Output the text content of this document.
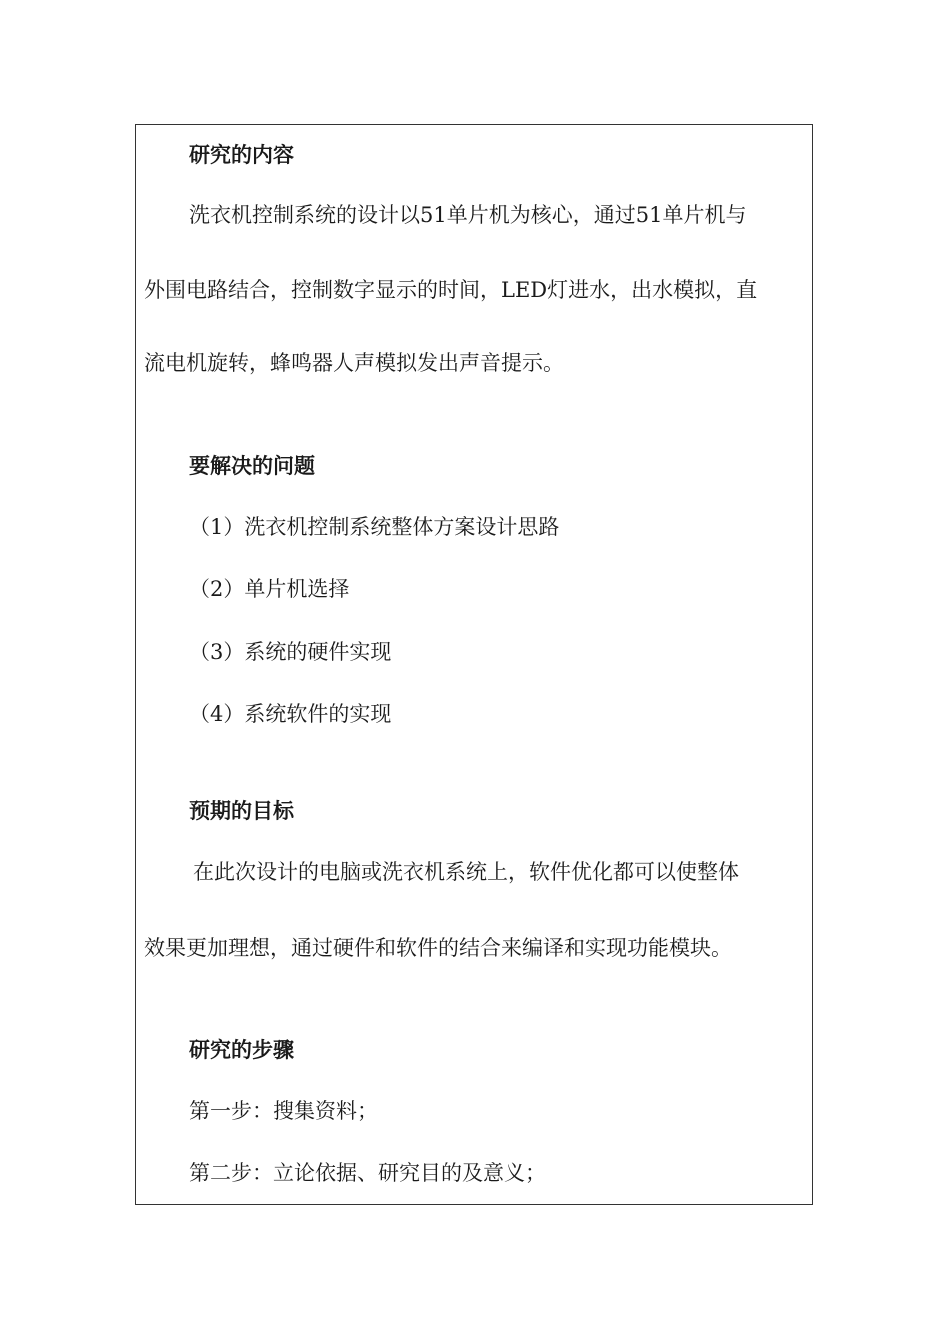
研究的内容
洗衣机控制系统的设计以51单片机为核心，通过51单片机与
外围电路结合，控制数字显示的时间，LED灯进水，出水模拟，直
流电机旋转，蜂鸣器人声模拟发出声音提示。
要解决的问题
（1）洗衣机控制系统整体方案设计思路
（2）单片机选择
（3）系统的硬件实现
（4）系统软件的实现
预期的目标
在此次设计的电脑或洗衣机系统上，软件优化都可以使整体
效果更加理想，通过硬件和软件的结合来编译和实现功能模块。
研究的步骤
第一步：搜集资料；
第二步：立论依据、研究目的及意义；
